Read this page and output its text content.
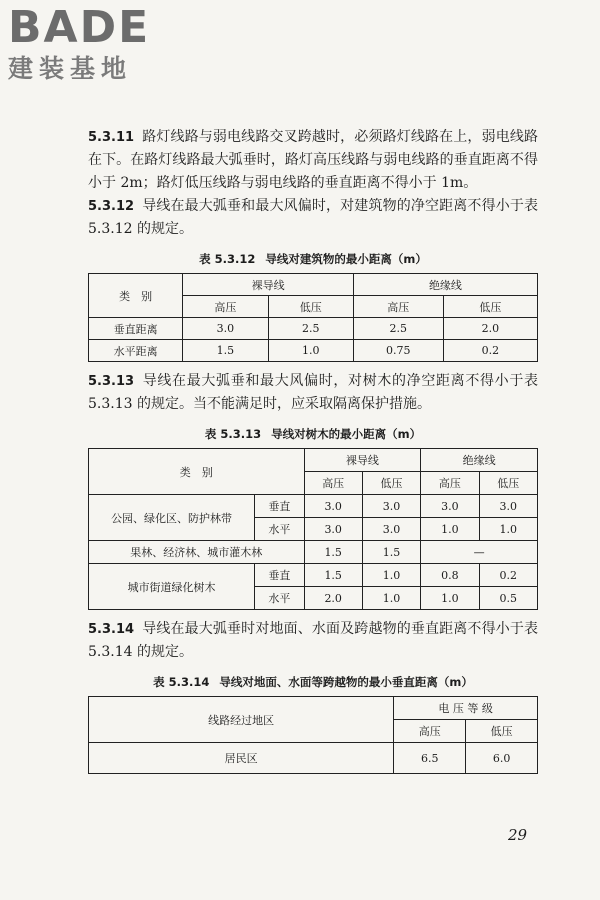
BADE
建装基地

5.3.11 路灯线路与弱电线路交叉跨越时，必须路灯线路在上，弱电线路在下。在路灯线路最大弧垂时，路灯高压线路与弱电线路的垂直距离不得小于 2m；路灯低压线路与弱电线路的垂直距离不得小于 1m。

5.3.12 导线在最大弧垂和最大风偏时，对建筑物的净空距离不得小于表 5.3.12 的规定。

表 5.3.12 导线对建筑物的最小距离（m）
类　别	裸导线		绝缘线	
	高压	低压	高压	低压
垂直距离	3.0	2.5	2.5	2.0
水平距离	1.5	1.0	0.75	0.2

5.3.13 导线在最大弧垂和最大风偏时，对树木的净空距离不得小于表 5.3.13 的规定。当不能满足时，应采取隔离保护措施。

表 5.3.13 导线对树木的最小距离（m）
类　别		裸导线		绝缘线	
		高压	低压	高压	低压
公园、绿化区、防护林带	垂直	3.0	3.0	3.0	3.0
	水平	3.0	3.0	1.0	1.0
果林、经济林、城市灌木林		1.5	1.5	—	
城市街道绿化树木	垂直	1.5	1.0	0.8	0.2
	水平	2.0	1.0	1.0	0.5

5.3.14 导线在最大弧垂时对地面、水面及跨越物的垂直距离不得小于表 5.3.14 的规定。

表 5.3.14 导线对地面、水面等跨越物的最小垂直距离（m）
线路经过地区	电 压 等 级	
	高压	低压
居民区	6.5	6.0
29
